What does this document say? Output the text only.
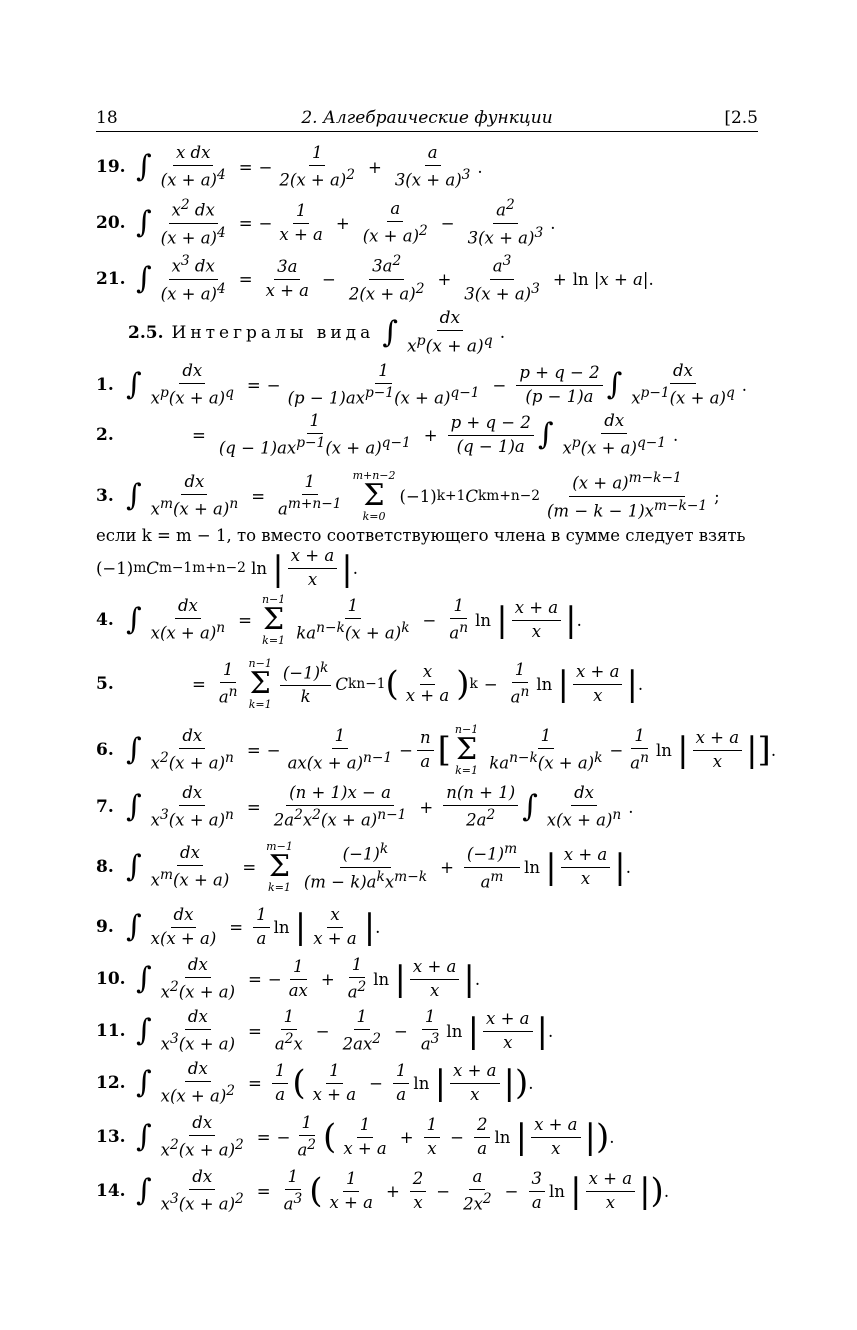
18	2. Алгебраические функции	[2.5
19. ∫ $\frac{\text{x dx}}{(x + a)^4}$ = − $\frac{1}{2(x + a)^2} + \frac{a}{3(x + a)^3}$ .
20. ∫ $\frac{x^2 dx}{(x + a)^4}$ = − $\frac{1}{x + a} + \frac{a}{(x + a)^2} - \frac{a^2}{3(x + a)^3}$ .
21. ∫ $\frac{x^3 dx}{(x + a)^4} = \frac{3a}{x + a} - \frac{3a^2}{2(x + a)^2} + \frac{a^3}{3(x + a)^3} + \ln$ | x + a |.
2.5. Интегралы вида ∫ $\frac{dx}{x^p(x + a)^q}$ .
1. ∫ $\frac{dx}{x^p(x + a)^q}$ = − $\frac{1}{(p - 1)ax^{p-1}(x + a)^{q-1}} - \frac{p + q - 2}{(p - 1)a}$ ∫ $\frac{dx}{x^{p-1}(x + a)^q}$ .
2.	= $\frac{1}{(q - 1)ax^{p-1}(x + a)^{q-1}} + \frac{p + q - 2}{(q - 1)a}$ ∫ $\frac{dx}{x^p(x + a)^{q-1}}$ .
3. ∫ $\frac{dx}{x^m(x + a)^n} = \frac{1}{a^{m+n-1}} m+n-2$
Σ
k=0
(−1) k+1 C k $m+n-2 \frac{(x + a)^{m-k-1}}{(m - k - 1)x^{m-k-1}}$ ;
если k = m − 1, то вместо соответствующего члена в сумме следует взять
(−1) m C m−1 m+n−2 ln | $\frac{x + a}{x}$ | .
4. ∫ $\frac{dx}{x(x + a)^n}$ =
n−1
Σ
$k=1 \frac{1}{ka^{n-k}(x + a)^k} - \frac{1}{a^n}$ ln | $\frac{x + a}{x}$ | .
5.	= $\frac{1}{a^n} n-1$
Σ
$k=1 \frac{(-1)^k}{k}$ C k n−1 ( $\frac{x}{x + a}$ ) $k - \frac{1}{a^n}$ ln | $\frac{x + a}{x}$ | .
6. ∫ $\frac{dx}{x^2(x + a)^n}$ = − $\frac{1}{ax(x + a)^{n-1}} - \frac{n}{a}$ [
n−1
Σ
$k=1 \frac{1}{ka^{n-k}(x + a)^k} - \frac{1}{a^n}$ ln | $\frac{x + a}{x}$ |] .
7. ∫ $\frac{dx}{x^3(x + a)^n} = \frac{(n + 1)x - a}{2a^2x^2(x + a)^{n-1}} + \frac{n(n + 1)}{2a^2}$ ∫ $\frac{dx}{x(x + a)^n}$ .
8. ∫ $\frac{dx}{x^m(x + a)}$ =
m−1
Σ
$k=1 \frac{(-1)^k}{(m - k)a^kx^{m-k}} + \frac{(-1)^m}{a^m}$ ln | $\frac{x + a}{x}$ | .
9. ∫ $\frac{dx}{x(x + a)} = \frac{1}{a}$ ln | $\frac{x}{x + a}$ | .
10. ∫ $\frac{dx}{x^2(x + a)}$ = − $\frac{1}{ax} + \frac{1}{a^2}$ ln | $\frac{x + a}{x}$ | .
11. ∫ $\frac{dx}{x^3(x + a)} = \frac{1}{a^2x} - \frac{1}{2ax^2} - \frac{1}{a^3}$ ln | $\frac{x + a}{x}$ | .
12. ∫ $\frac{dx}{x(x + a)^2} = \frac{1}{a}$ ( $\frac{1}{x + a} - \frac{1}{a}$ ln | $\frac{x + a}{x}$ |) .
13. ∫ $\frac{dx}{x^2(x + a)^2}$ = − $\frac{1}{a^2}$ ( $\frac{1}{x + a} + \frac{1}{x} - \frac{2}{a}$ ln | $\frac{x + a}{x}$ |) .
14. ∫ $\frac{dx}{x^3(x + a)^2} = \frac{1}{a^3}$ ( $\frac{1}{x + a} + \frac{2}{x} - \frac{a}{2x^2} - \frac{3}{a}$ ln | $\frac{x + a}{x}$ |) .
